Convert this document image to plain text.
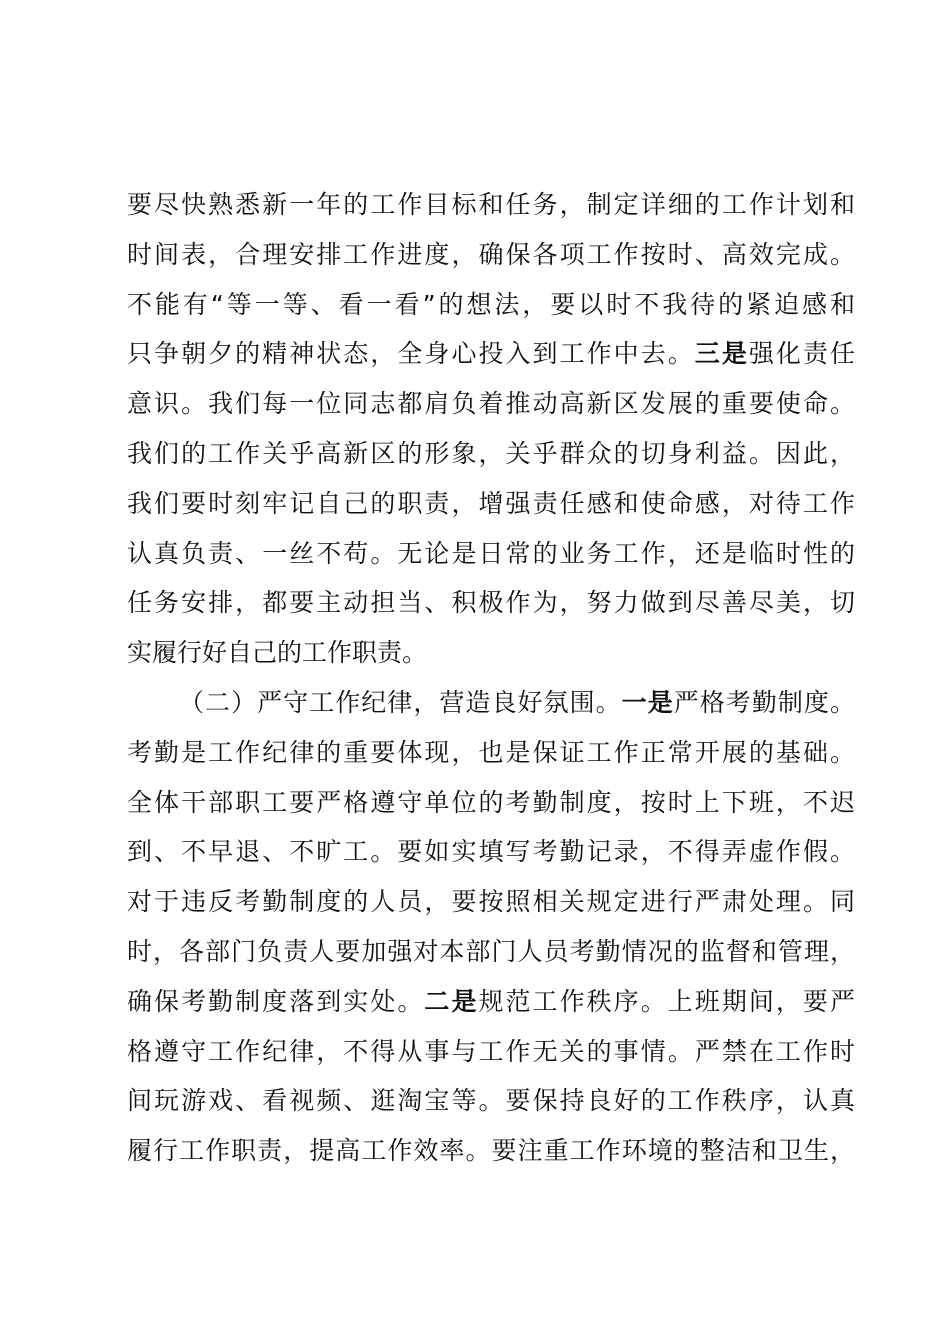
要尽快熟悉新一年的工作目标和任务，制定详细的工作计划和
时间表，合理安排工作进度，确保各项工作按时、高效完成。
不能有“等一等、看一看”的想法，要以时不我待的紧迫感和
只争朝夕的精神状态，全身心投入到工作中去。三是强化责任
意识。我们每一位同志都肩负着推动高新区发展的重要使命。
我们的工作关乎高新区的形象，关乎群众的切身利益。因此，
我们要时刻牢记自己的职责，增强责任感和使命感，对待工作
认真负责、一丝不苟。无论是日常的业务工作，还是临时性的
任务安排，都要主动担当、积极作为，努力做到尽善尽美，切
实履行好自己的工作职责。
（二）严守工作纪律，营造良好氛围。一是严格考勤制度。
考勤是工作纪律的重要体现，也是保证工作正常开展的基础。
全体干部职工要严格遵守单位的考勤制度，按时上下班，不迟
到、不早退、不旷工。要如实填写考勤记录，不得弄虚作假。
对于违反考勤制度的人员，要按照相关规定进行严肃处理。同
时，各部门负责人要加强对本部门人员考勤情况的监督和管理，
确保考勤制度落到实处。二是规范工作秩序。上班期间，要严
格遵守工作纪律，不得从事与工作无关的事情。严禁在工作时
间玩游戏、看视频、逛淘宝等。要保持良好的工作秩序，认真
履行工作职责，提高工作效率。要注重工作环境的整洁和卫生，
